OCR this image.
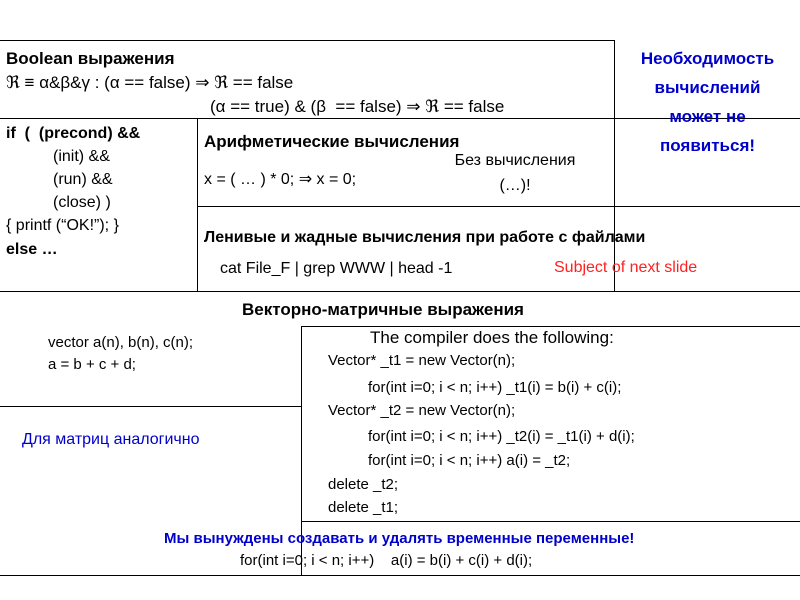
Boolean выражения
ℜ ≡ α&β&γ : (α == false) ⇒ ℜ == false
(α == true) & (β  == false) ⇒ ℜ == false
Необходимость
вычислений
может не
появиться!
if  (  (precond) &&
(init) &&
(run) &&
(close) )
{ printf (“OK!”); }
else …
Арифметические вычисления
x = ( … ) * 0; ⇒ x = 0;
Без вычисления
(…)!
Ленивые и жадные вычисления при работе с файлами
cat File_F | grep WWW | head -1	Subject of next slide
Векторно-матричные выражения
vector a(n), b(n), c(n);
a = b + c + d;
Для матриц аналогично
The compiler does the following:
Vector* _t1 = new Vector(n);
for(int i=0; i < n; i++) _t1(i) = b(i) + c(i);
Vector* _t2 = new Vector(n);
for(int i=0; i < n; i++) _t2(i) = _t1(i) + d(i);
for(int i=0; i < n; i++) a(i) = _t2;
delete _t2;
delete _t1;
Мы вынуждены создавать и удалять временные переменные!
for(int i=0; i < n; i++)    a(i) = b(i) + c(i) + d(i);
